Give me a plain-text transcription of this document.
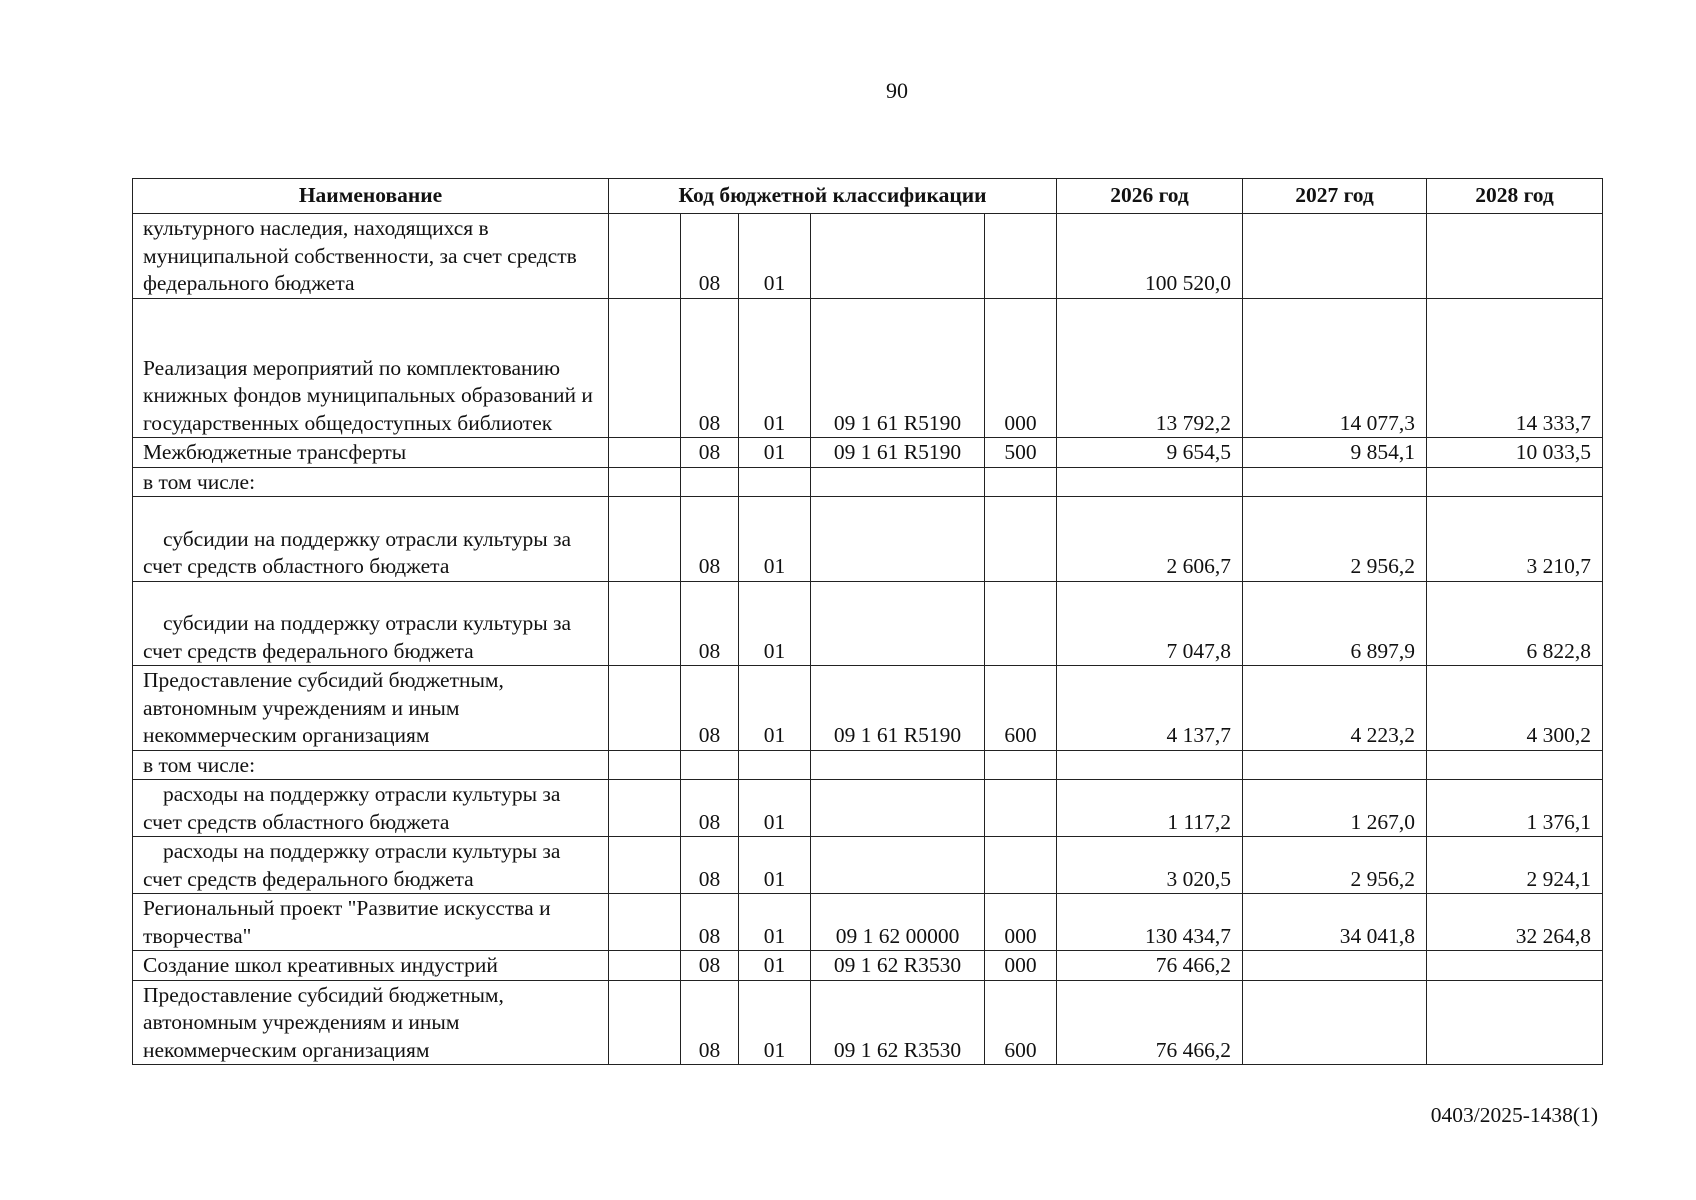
90
Наименование	Код бюджетной классификации					2026 год	2027 год	2028 год
культурного наследия, находящихся в муниципальной собственности, за счет средств федерального бюджета		08	01			100 520,0		
Реализация мероприятий по комплектованию книжных фондов муниципальных образований и государственных общедоступных библиотек		08	01	09 1 61 R5190	000	13 792,2	14 077,3	14 333,7
Межбюджетные трансферты		08	01	09 1 61 R5190	500	9 654,5	9 854,1	10 033,5
в том числе:								
субсидии на поддержку отрасли культуры за счет средств областного бюджета		08	01			2 606,7	2 956,2	3 210,7
субсидии на поддержку отрасли культуры за счет средств федерального бюджета		08	01			7 047,8	6 897,9	6 822,8
Предоставление субсидий бюджетным, автономным учреждениям и иным некоммерческим организациям		08	01	09 1 61 R5190	600	4 137,7	4 223,2	4 300,2
в том числе:								
расходы на поддержку отрасли культуры за счет средств областного бюджета		08	01			1 117,2	1 267,0	1 376,1
расходы на поддержку отрасли культуры за счет средств федерального бюджета		08	01			3 020,5	2 956,2	2 924,1
Региональный проект "Развитие искусства и творчества"		08	01	09 1 62 00000	000	130 434,7	34 041,8	32 264,8
Создание школ креативных индустрий		08	01	09 1 62 R3530	000	76 466,2		
Предоставление субсидий бюджетным, автономным учреждениям и иным некоммерческим организациям		08	01	09 1 62 R3530	600	76 466,2		
0403/2025-1438(1)
